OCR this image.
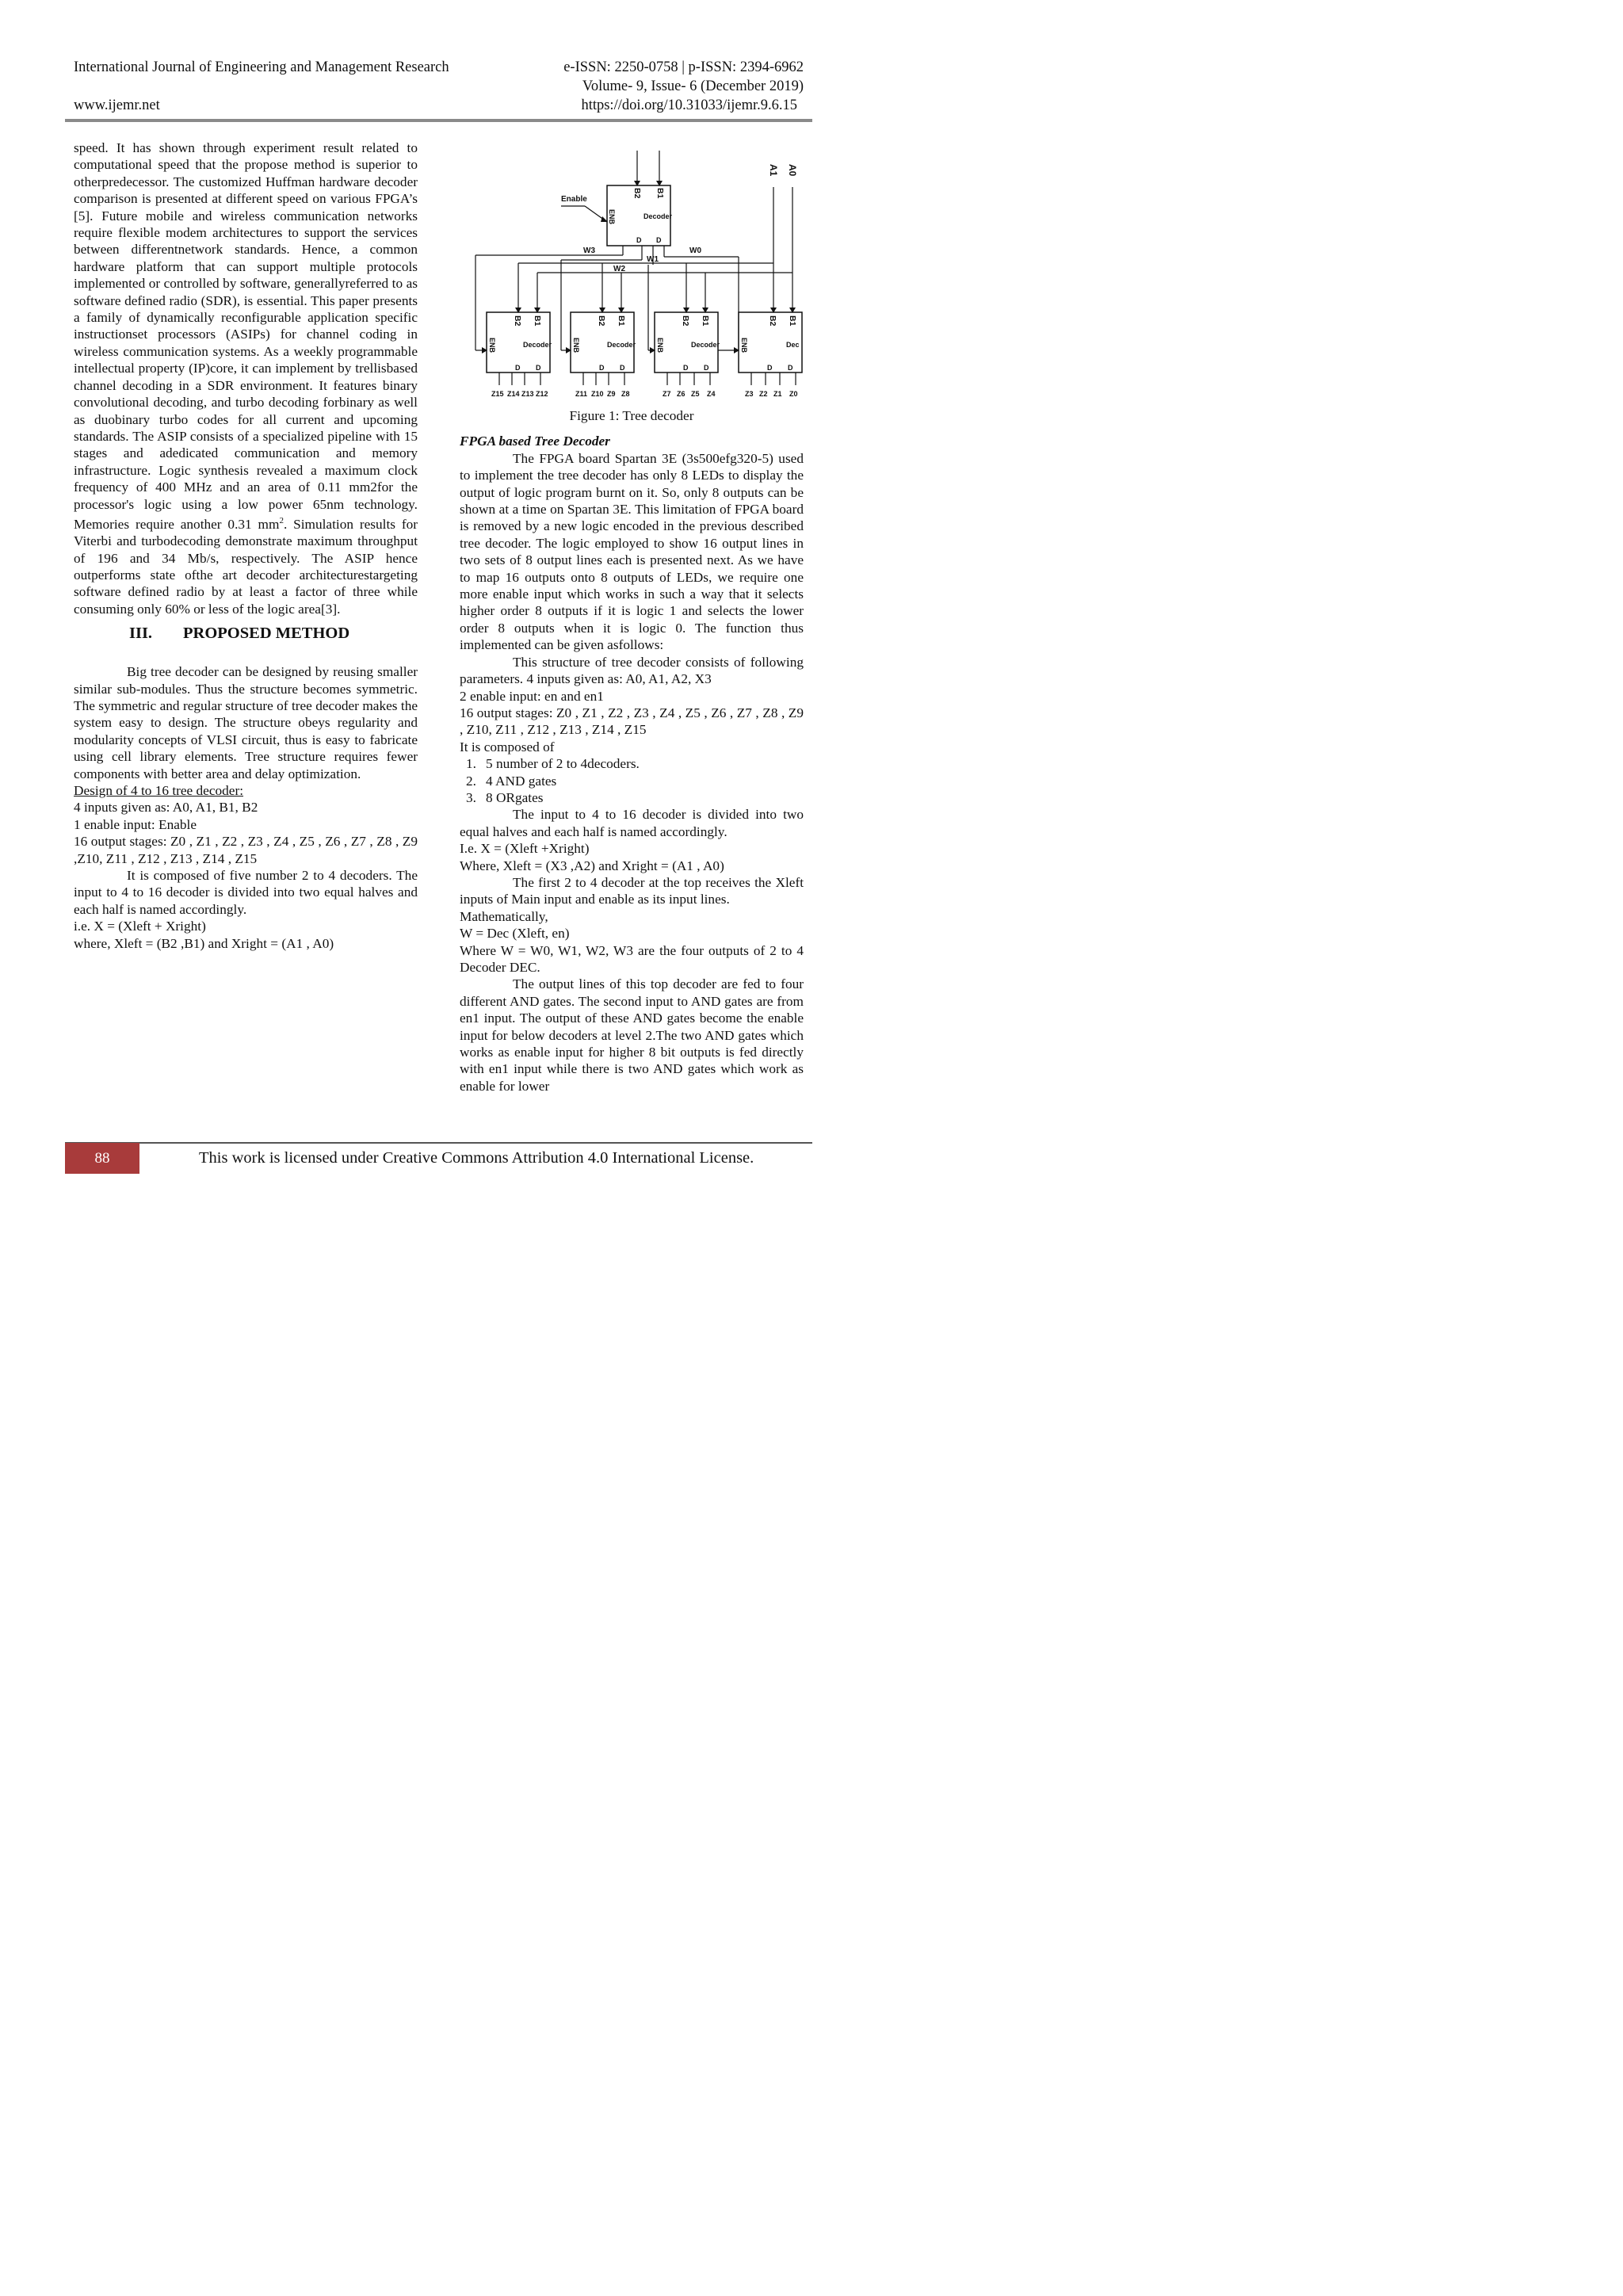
International Journal of Engineering and Management Research	e-ISSN: 2250-0758 | p-ISSN: 2394-6962
Volume- 9, Issue- 6 (December 2019)
www.ijemr.net	https://doi.org/10.31033/ijemr.9.6.15

speed. It has shown through experiment result related to computational speed that the propose method is superior to otherpredecessor. The customized Huffman hardware decoder comparison is presented at different speed on various FPGA’s [5]. Future mobile and wireless communication networks require flexible modem architectures to support the services between differentnetwork standards. Hence, a common hardware platform that can support multiple protocols implemented or controlled by software, generallyreferred to as software defined radio (SDR), is essential. This paper presents a family of dynamically reconfigurable application specific instructionset processors (ASIPs) for channel coding in wireless communication systems. As a weekly programmable intellectual property (IP)core, it can implement by trellisbased channel decoding in a SDR environment. It features binary convolutional decoding, and turbo decoding forbinary as well as duobinary turbo codes for all current and upcoming standards. The ASIP consists of a specialized pipeline with 15 stages and adedicated communication and memory infrastructure. Logic synthesis revealed a maximum clock frequency of 400 MHz and an area of 0.11 mm2for the processor's logic using a low power 65nm technology. Memories require another 0.31 $mm^2$. Simulation results for Viterbi and turbodecoding demonstrate maximum throughput of 196 and 34 Mb/s, respectively. The ASIP hence outperforms state ofthe art decoder architecturestargeting software defined radio by at least a factor of three while consuming only 60% or less of the logic area[3].

III. PROPOSED METHOD

Big tree decoder can be designed by reusing smaller similar sub-modules. Thus the structure becomes symmetric. The symmetric and regular structure of tree decoder makes the system easy to design. The structure obeys regularity and modularity concepts of VLSI circuit, thus is easy to fabricate using cell library elements. Tree structure requires fewer components with better area and delay optimization.

Design of 4 to 16 tree decoder:

4 inputs given as: A0, A1, B1, B2

1 enable input: Enable

16 output stages: Z0 , Z1 , Z2 , Z3 , Z4 , Z5 , Z6 , Z7 , Z8 , Z9 ,Z10, Z11 , Z12 , Z13 , Z14 , Z15

It is composed of five number 2 to 4 decoders. The input to 4 to 16 decoder is divided into two equal halves and each half is named accordingly.

i.e. X = (Xleft + Xright)

where, Xleft = (B2 ,B1) and Xright = (A1 , A0)

A1 A0
B2 B1
ENB	Decoder
D D
Enable
W3
W2
W1
W0
B2 B1
ENB	Decoder
D D
Z15 Z14 Z13 Z12
B2 B1
ENB	Decoder
D D
Z11 Z10 Z9 Z8
B2 B1
ENB	Decoder
D D
Z7 Z6 Z5 Z4
B2 B1
ENB	Dec
D D
Z3 Z2 Z1 Z0

Figure 1: Tree decoder

FPGA based Tree Decoder

The FPGA board Spartan 3E (3s500efg320-5) used to implement the tree decoder has only 8 LEDs to display the output of logic program burnt on it. So, only 8 outputs can be shown at a time on Spartan 3E. This limitation of FPGA board is removed by a new logic encoded in the previous described tree decoder. The logic employed to show 16 output lines in two sets of 8 output lines each is presented next. As we have to map 16 outputs onto 8 outputs of LEDs, we require one more enable input which works in such a way that it selects higher order 8 outputs if it is logic 1 and selects the lower order 8 outputs when it is logic 0. The function thus implemented can be given asfollows:

This structure of tree decoder consists of following parameters. 4 inputs given as: A0, A1, A2, X3

2 enable input: en and en1

16 output stages: Z0 , Z1 , Z2 , Z3 , Z4 , Z5 , Z6 , Z7 , Z8 , Z9 , Z10, Z11 , Z12 , Z13 , Z14 , Z15

It is composed of

1. 5 number of 2 to 4decoders.
2. 4 AND gates
3. 8 ORgates

The input to 4 to 16 decoder is divided into two equal halves and each half is named accordingly.

I.e. X = (Xleft +Xright)

Where, Xleft = (X3 ,A2) and Xright = (A1 , A0)

The first 2 to 4 decoder at the top receives the Xleft inputs of Main input and enable as its input lines.

Mathematically,

W = Dec (Xleft, en)

Where W = W0, W1, W2, W3 are the four outputs of 2 to 4 Decoder DEC.

The output lines of this top decoder are fed to four different AND gates. The second input to AND gates are from en1 input. The output of these AND gates become the enable input for below decoders at level 2.The two AND gates which works as enable input for higher 8 bit outputs is fed directly with en1 input while there is two AND gates which work as enable for lower

88	This work is licensed under Creative Commons Attribution 4.0 International License.
